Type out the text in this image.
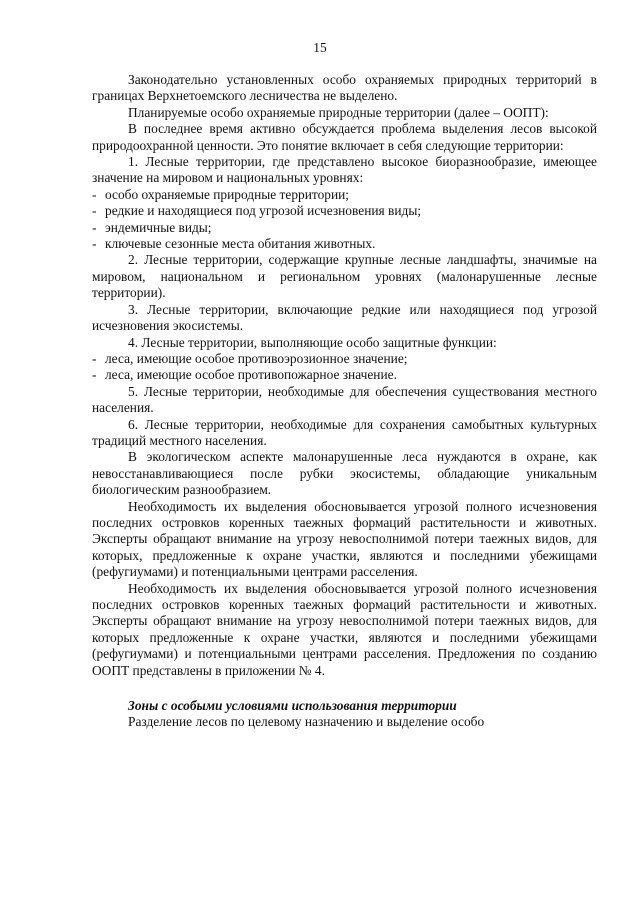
15

Законодательно установленных особо охраняемых природных территорий в границах Верхнетоемского лесничества не выделено.

Планируемые особо охраняемые природные территории (далее – ООПТ):

В последнее время активно обсуждается проблема выделения лесов высокой природоохранной ценности. Это понятие включает в себя следующие территории:

1. Лесные территории, где представлено высокое биоразнообразие, имеющее значение на мировом и национальных уровнях:

- особо охраняемые природные территории;

- редкие и находящиеся под угрозой исчезновения виды;

- эндемичные виды;

- ключевые сезонные места обитания животных.

2. Лесные территории, содержащие крупные лесные ландшафты, значимые на мировом, национальном и региональном уровнях (малонарушенные лесные территории).

3. Лесные территории, включающие редкие или находящиеся под угрозой исчезновения экосистемы.

4. Лесные территории, выполняющие особо защитные функции:

- леса, имеющие особое противоэрозионное значение;

- леса, имеющие особое противопожарное значение.

5. Лесные территории, необходимые для обеспечения существования местного населения.

6. Лесные территории, необходимые для сохранения самобытных культурных традиций местного населения.

В экологическом аспекте малонарушенные леса нуждаются в охране, как невосстанавливающиеся после рубки экосистемы, обладающие уникальным биологическим разнообразием.

Необходимость их выделения обосновывается угрозой полного исчезновения последних островков коренных таежных формаций растительности и животных. Эксперты обращают внимание на угрозу невосполнимой потери таежных видов, для которых, предложенные к охране участки, являются и последними убежищами (рефугиумами) и потенциальными центрами расселения.

Необходимость их выделения обосновывается угрозой полного исчезновения последних островков коренных таежных формаций растительности и животных. Эксперты обращают внимание на угрозу невосполнимой потери таежных видов, для которых предложенные к охране участки, являются и последними убежищами (рефугиумами) и потенциальными центрами расселения. Предложения по созданию ООПТ представлены в приложении № 4.

Зоны с особыми условиями использования территории

Разделение лесов по целевому назначению и выделение особо
